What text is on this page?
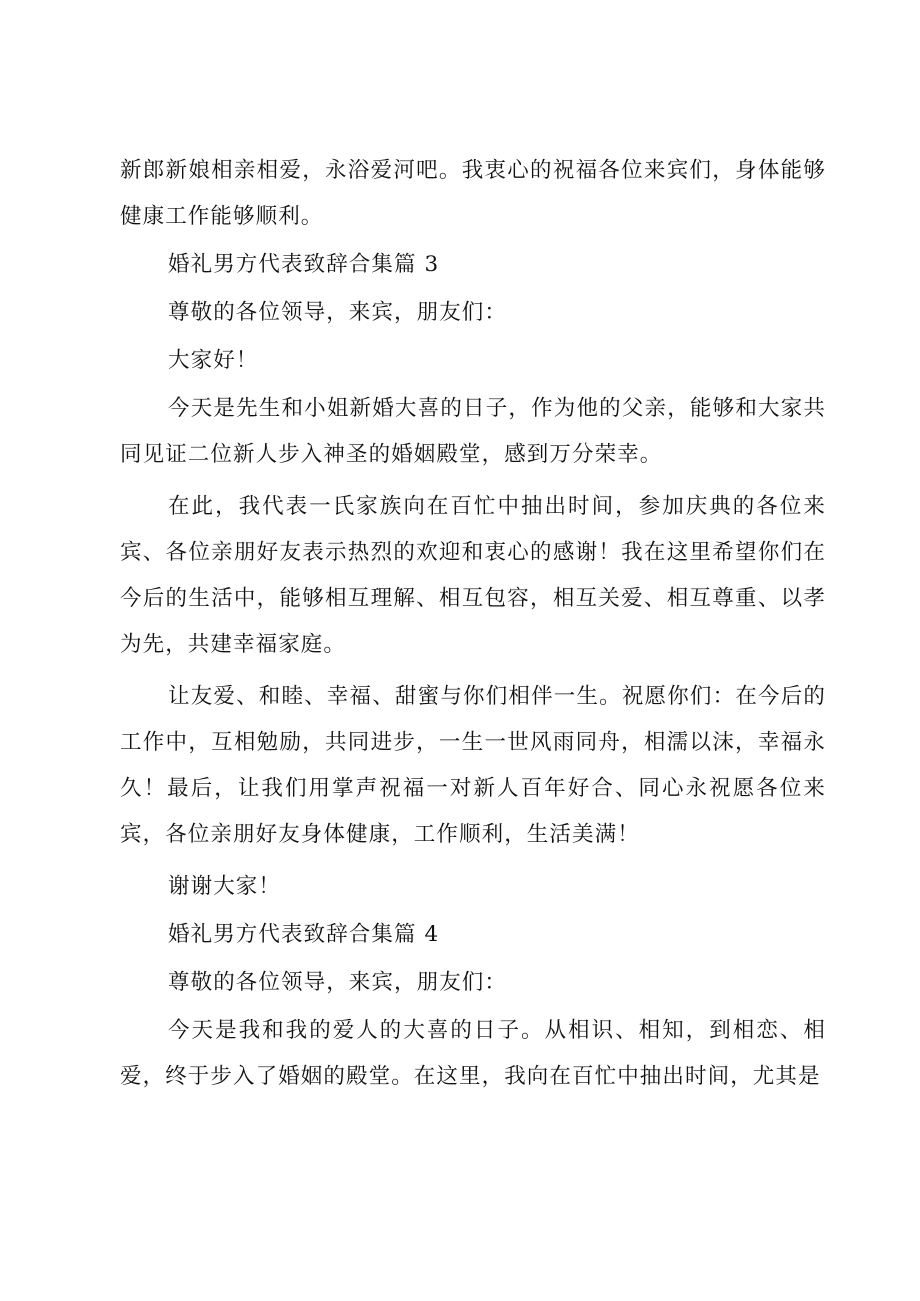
新郎新娘相亲相爱，永浴爱河吧。我衷心的祝福各位来宾们，身体能够健康工作能够顺利。

婚礼男方代表致辞合集篇 3

尊敬的各位领导，来宾，朋友们：

大家好！

今天是先生和小姐新婚大喜的日子，作为他的父亲，能够和大家共同见证二位新人步入神圣的婚姻殿堂，感到万分荣幸。

在此，我代表一氏家族向在百忙中抽出时间，参加庆典的各位来宾、各位亲朋好友表示热烈的欢迎和衷心的感谢！我在这里希望你们在今后的生活中，能够相互理解、相互包容，相互关爱、相互尊重、以孝为先，共建幸福家庭。

让友爱、和睦、幸福、甜蜜与你们相伴一生。祝愿你们：在今后的工作中，互相勉励，共同进步，一生一世风雨同舟，相濡以沫，幸福永久！最后，让我们用掌声祝福一对新人百年好合、同心永祝愿各位来宾，各位亲朋好友身体健康，工作顺利，生活美满！

谢谢大家！

婚礼男方代表致辞合集篇 4

尊敬的各位领导，来宾，朋友们：

今天是我和我的爱人的大喜的日子。从相识、相知，到相恋、相爱，终于步入了婚姻的殿堂。在这里，我向在百忙中抽出时间，尤其是
